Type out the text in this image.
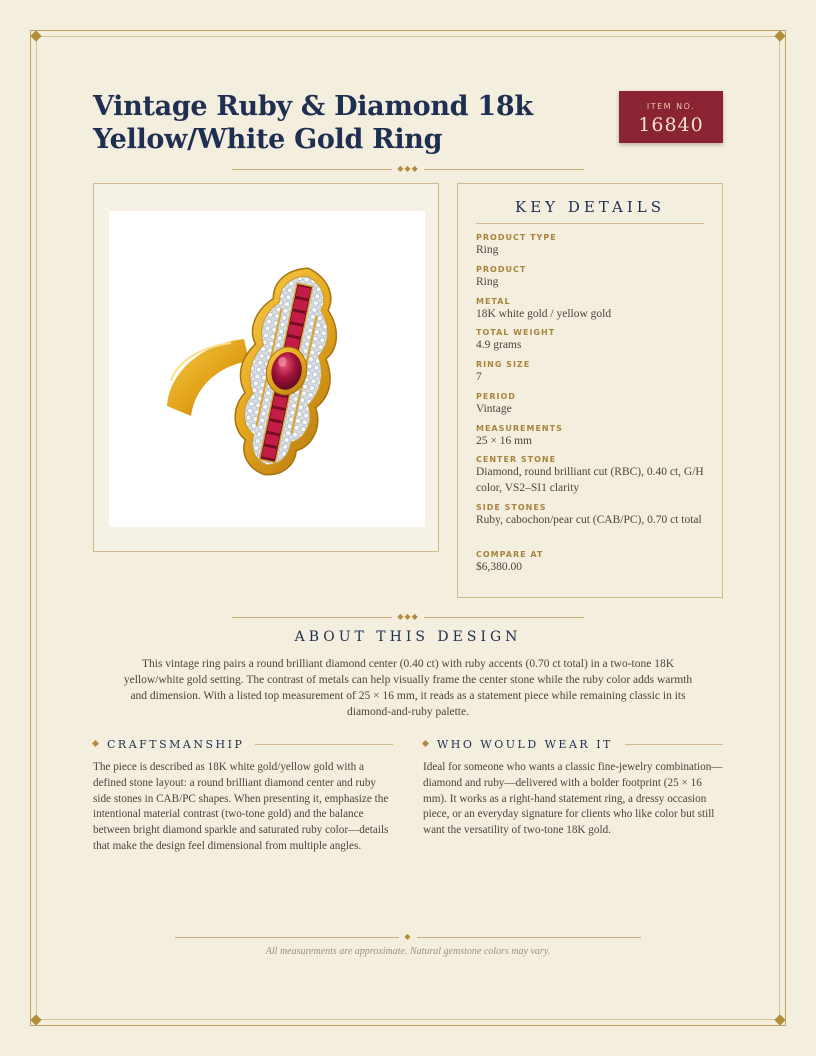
Vintage Ruby & Diamond 18k Yellow/White Gold Ring
ITEM NO.
16840
◆◆◆
KEY DETAILS
PRODUCT TYPE
Ring
PRODUCT
Ring
METAL
18K white gold / yellow gold
TOTAL WEIGHT
4.9 grams
RING SIZE
7
PERIOD
Vintage
MEASUREMENTS
25 × 16 mm
CENTER STONE
Diamond, round brilliant cut (RBC), 0.40 ct, G/H color, VS2–SI1 clarity
SIDE STONES
Ruby, cabochon/pear cut (CAB/PC), 0.70 ct total
COMPARE AT
$6,380.00
◆◆◆
ABOUT THIS DESIGN

This vintage ring pairs a round brilliant diamond center (0.40 ct) with ruby accents (0.70 ct total) in a two-tone 18K yellow/white gold setting. The contrast of metals can help visually frame the center stone while the ruby color adds warmth and dimension. With a listed top measurement of 25 × 16 mm, it reads as a statement piece while remaining classic in its diamond-and-ruby palette.

CRAFTSMANSHIP

The piece is described as 18K white gold/yellow gold with a defined stone layout: a round brilliant diamond center and ruby side stones in CAB/PC shapes. When presenting it, emphasize the intentional material contrast (two-tone gold) and the balance between bright diamond sparkle and saturated ruby color—details that make the design feel dimensional from multiple angles.

WHO WOULD WEAR IT

Ideal for someone who wants a classic fine-jewelry combination—diamond and ruby—delivered with a bolder footprint (25 × 16 mm). It works as a right-hand statement ring, a dressy occasion piece, or an everyday signature for clients who like color but still want the versatility of two-tone 18K gold.

◆

All measurements are approximate. Natural gemstone colors may vary.
